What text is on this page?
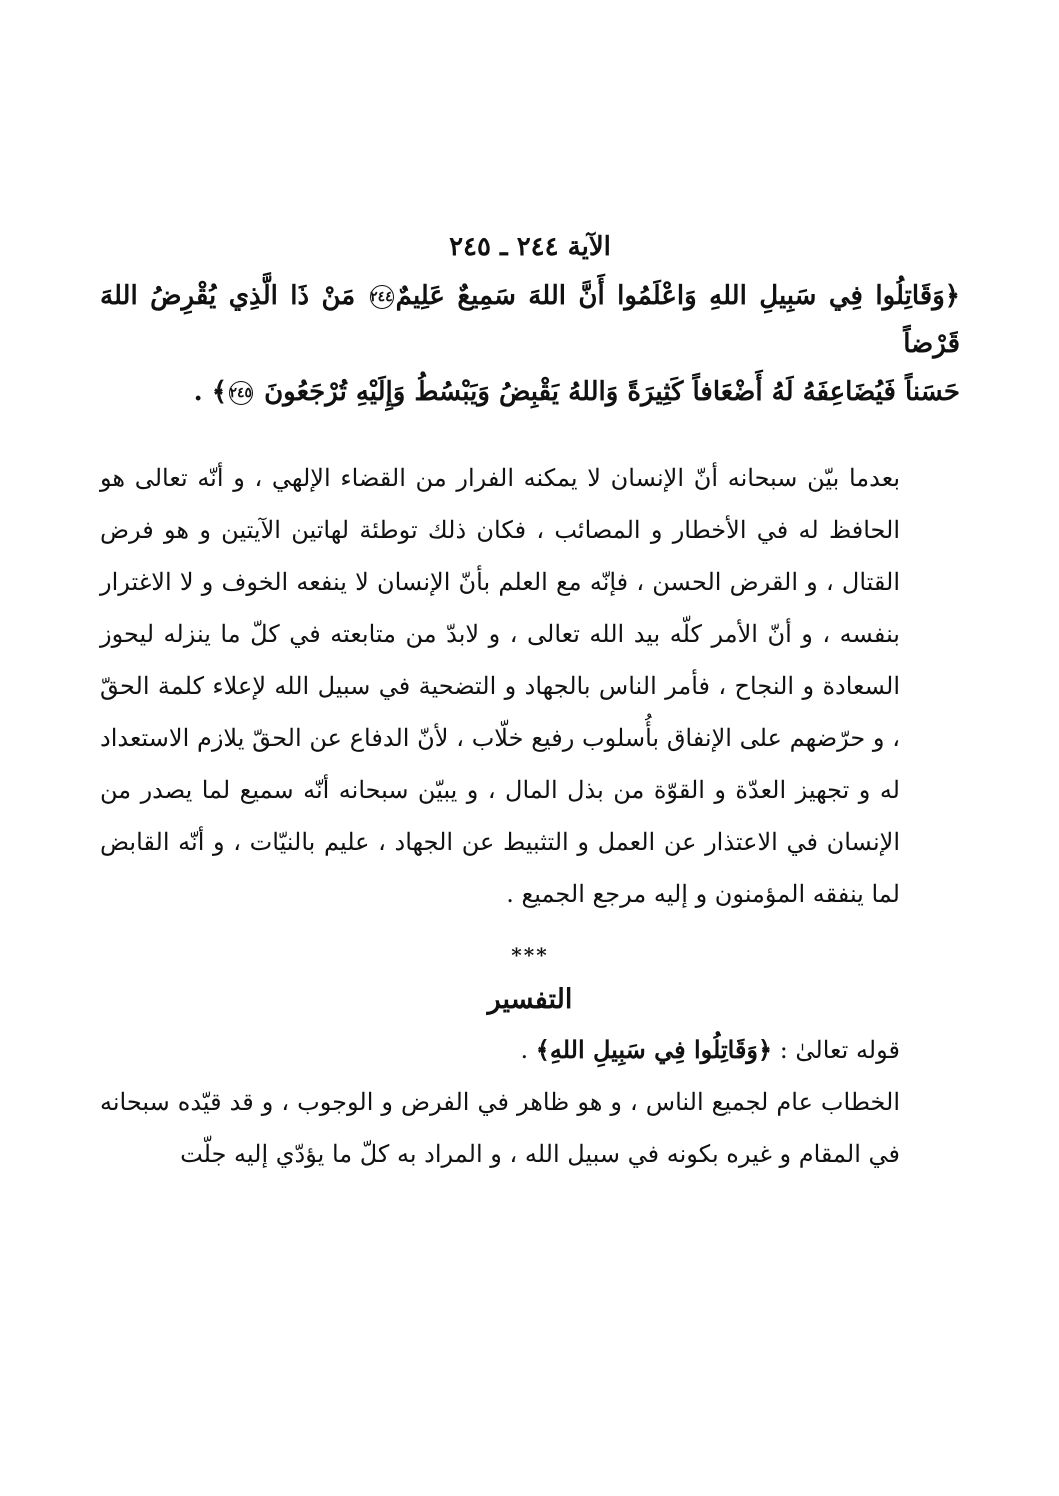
الآية ٢٤٤ ـ ٢٤٥

﴿وَقَاتِلُوا فِي سَبِيلِ اللهِ وَاعْلَمُوا أَنَّ اللهَ سَمِيعٌ عَلِيمٌ٢٤٤ مَنْ ذَا الَّذِي يُقْرِضُ اللهَ قَرْضاً
حَسَناً فَيُضَاعِفَهُ لَهُ أَضْعَافاً كَثِيرَةً وَاللهُ يَقْبِضُ وَيَبْسُطُ وَإِلَيْهِ تُرْجَعُونَ ٢٤٥﴾ .

بعدما بيّن سبحانه أنّ الإنسان لا يمكنه الفرار من القضاء الإلهي ، و أنّه تعالى هو الحافظ له في الأخطار و المصائب ، فكان ذلك توطئة لهاتين الآيتين و هو فرض القتال ، و القرض الحسن ، فإنّه مع العلم بأنّ الإنسان لا ينفعه الخوف و لا الاغترار بنفسه ، و أنّ الأمر كلّه بيد الله تعالى ، و لابدّ من متابعته في كلّ ما ينزله ليحوز السعادة و النجاح ، فأمر الناس بالجهاد و التضحية في سبيل الله لإعلاء كلمة الحقّ ، و حرّضهم على الإنفاق بأُسلوب رفيع خلّاب ، لأنّ الدفاع عن الحقّ يلازم الاستعداد له و تجهيز العدّة و القوّة من بذل المال ، و يبيّن سبحانه أنّه سميع لما يصدر من الإنسان في الاعتذار عن العمل و التثبيط عن الجهاد ، عليم بالنيّات ، و أنّه القابض لما ينفقه المؤمنون و إليه مرجع الجميع .

***
التفسير

قوله تعالىٰ : ﴿وَقَاتِلُوا فِي سَبِيلِ اللهِ﴾ .

الخطاب عام لجميع الناس ، و هو ظاهر في الفرض و الوجوب ، و قد قيّده سبحانه في المقام و غيره بكونه في سبيل الله ، و المراد به كلّ ما يؤدّي إليه جلّت
